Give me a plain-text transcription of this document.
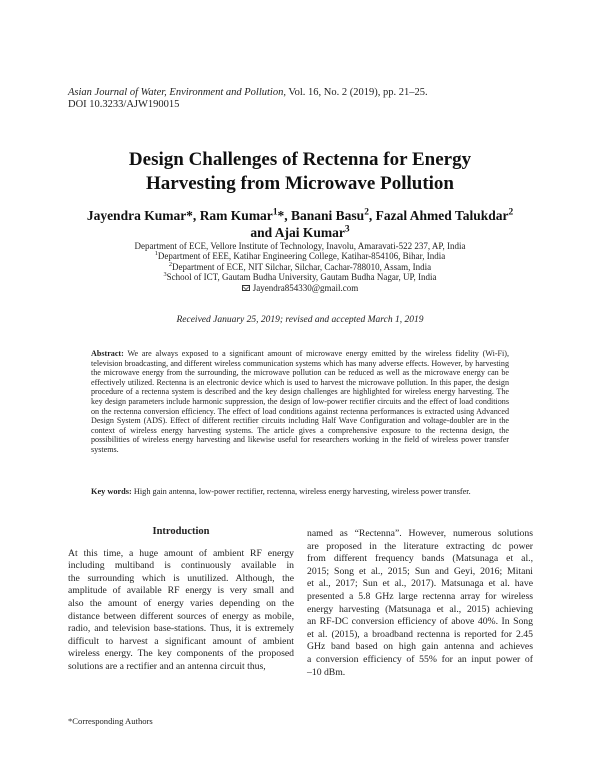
Asian Journal of Water, Environment and Pollution, Vol. 16, No. 2 (2019), pp. 21–25.
DOI 10.3233/AJW190015
Design Challenges of Rectenna for Energy
Harvesting from Microwave Pollution
Jayendra Kumar*, Ram Kumar$^1$*, Banani Basu$^2$, Fazal Ahmed Talukdar$^2$
and Ajai Kumar$^3$
Department of ECE, Vellore Institute of Technology, Inavolu, Amaravati-522 237, AP, India
$^1$Department of EEE, Katihar Engineering College, Katihar-854106, Bihar, India
$^2$Department of ECE, NIT Silchar, Silchar, Cachar-788010, Assam, India
$^3$School of ICT, Gautam Budha University, Gautam Budha Nagar, UP, India
Jayendra854330@gmail.com
Received January 25, 2019; revised and accepted March 1, 2019
Abstract: We are always exposed to a significant amount of microwave energy emitted by the wireless fidelity (Wi-Fi), television broadcasting, and different wireless communication systems which has many adverse effects. However, by harvesting the microwave energy from the surrounding, the microwave pollution can be reduced as well as the microwave energy can be effectively utilized. Rectenna is an electronic device which is used to harvest the microwave pollution. In this paper, the design procedure of a rectenna system is described and the key design challenges are highlighted for wireless energy harvesting. The key design parameters include harmonic suppression, the design of low-power rectifier circuits and the effect of load conditions on the rectenna conversion efficiency. The effect of load conditions against rectenna performances is extracted using Advanced Design System (ADS). Effect of different rectifier circuits including Half Wave Configuration and voltage-doubler are in the context of wireless energy harvesting systems. The article gives a comprehensive exposure to the rectenna design, the possibilities of wireless energy harvesting and likewise useful for researchers working in the field of wireless power transfer systems.
Key words: High gain antenna, low-power rectifier, rectenna, wireless energy harvesting, wireless power transfer.
Introduction
At this time, a huge amount of ambient RF energy
including multiband is continuously available in
the surrounding which is unutilized. Although, the
amplitude of available RF energy is very small and
also the amount of energy varies depending on the
distance between different sources of energy as mobile,
radio, and television base-stations. Thus, it is extremely
difficult to harvest a significant amount of ambient
wireless energy. The key components of the proposed
solutions are a rectifier and an antenna circuit thus,
named as “Rectenna”. However, numerous solutions
are proposed in the literature extracting dc power
from different frequency bands (Matsunaga et al.,
2015; Song et al., 2015; Sun and Geyi, 2016; Mitani
et al., 2017; Sun et al., 2017). Matsunaga et al. have
presented a 5.8 GHz large rectenna array for wireless
energy harvesting (Matsunaga et al., 2015) achieving
an RF-DC conversion efficiency of above 40%. In Song
et al. (2015), a broadband rectenna is reported for 2.45
GHz band based on high gain antenna and achieves
a conversion efficiency of 55% for an input power of
–10 dBm.
*Corresponding Authors
